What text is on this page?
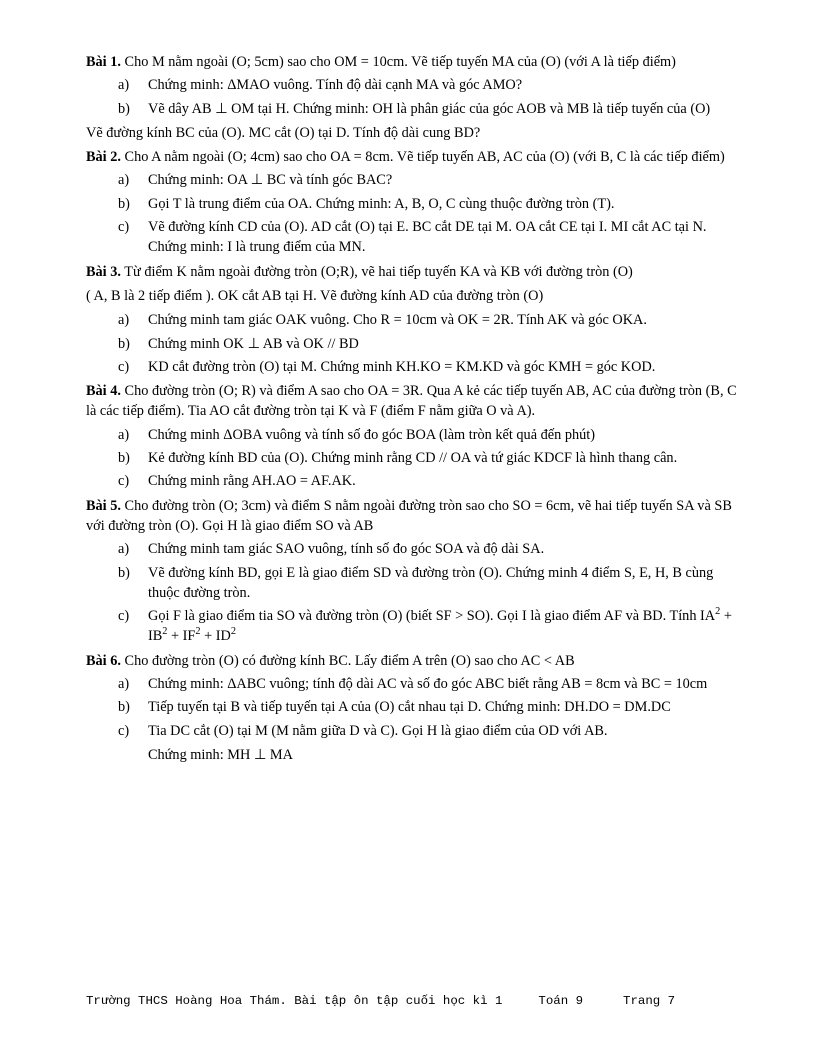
Bài 1. Cho M nằm ngoài (O; 5cm) sao cho OM = 10cm. Vẽ tiếp tuyến MA của (O) (với A là tiếp điểm)

a)	Chứng minh: ΔMAO vuông. Tính độ dài cạnh MA và góc AMO?
b)	Vẽ dây AB ⊥ OM tại H. Chứng minh: OH là phân giác của góc AOB và MB là tiếp tuyến của (O)

Vẽ đường kính BC của (O). MC cắt (O) tại D. Tính độ dài cung BD?

Bài 2. Cho A nằm ngoài (O; 4cm) sao cho OA = 8cm. Vẽ tiếp tuyến AB, AC của (O) (với B, C là các tiếp điểm)

a)	Chứng minh: OA ⊥ BC và tính góc BAC?
b)	Gọi T là trung điểm của OA. Chứng minh: A, B, O, C cùng thuộc đường tròn (T).
c)	Vẽ đường kính CD của (O). AD cắt (O) tại E. BC cắt DE tại M. OA cắt CE tại I. MI cắt AC tại N. Chứng minh: I là trung điểm của MN.

Bài 3. Từ điểm K nằm ngoài đường tròn (O;R), vẽ hai tiếp tuyến KA và KB với đường tròn (O)

( A, B là 2 tiếp điểm ). OK cắt AB tại H. Vẽ đường kính AD của đường tròn (O)

a)	Chứng minh tam giác OAK vuông. Cho R = 10cm và OK = 2R. Tính AK và góc OKA.
b)	Chứng minh OK ⊥ AB và OK // BD
c)	KD cắt đường tròn (O) tại M. Chứng minh KH.KO = KM.KD và góc KMH = góc KOD.

Bài 4. Cho đường tròn (O; R) và điểm A sao cho OA = 3R. Qua A kẻ các tiếp tuyến AB, AC của đường tròn (B, C là các tiếp điểm). Tia AO cắt đường tròn tại K và F (điểm F nằm giữa O và A).

a)	Chứng minh ΔOBA vuông và tính số đo góc BOA (làm tròn kết quả đến phút)
b)	Kẻ đường kính BD của (O). Chứng minh rằng CD // OA và tứ giác KDCF là hình thang cân.
c)	Chứng minh rằng AH.AO = AF.AK.

Bài 5. Cho đường tròn (O; 3cm) và điểm S nằm ngoài đường tròn sao cho SO = 6cm, vẽ hai tiếp tuyến SA và SB với đường tròn (O). Gọi H là giao điểm SO và AB

a)	Chứng minh tam giác SAO vuông, tính số đo góc SOA và độ dài SA.
b)	Vẽ đường kính BD, gọi E là giao điểm SD và đường tròn (O). Chứng minh 4 điểm S, E, H, B cùng thuộc đường tròn.
c)	Gọi F là giao điểm tia SO và đường tròn (O) (biết SF > SO). Gọi I là giao điểm AF và BD. Tính $IA^2 + IB^2 + IF^2 + ID^2$

Bài 6. Cho đường tròn (O) có đường kính BC. Lấy điểm A trên (O) sao cho AC < AB

a)	Chứng minh: ΔABC vuông; tính độ dài AC và số đo góc ABC biết rằng AB = 8cm và BC = 10cm
b)	Tiếp tuyến tại B và tiếp tuyến tại A của (O) cắt nhau tại D. Chứng minh: DH.DO = DM.DC
c)	Tia DC cắt (O) tại M (M nằm giữa D và C). Gọi H là giao điểm của OD với AB.

Chứng minh: MH ⊥ MA

Trường THCS Hoàng Hoa Thám. Bài tập ôn tập cuối học kì 1	Toán 9	Trang 7
